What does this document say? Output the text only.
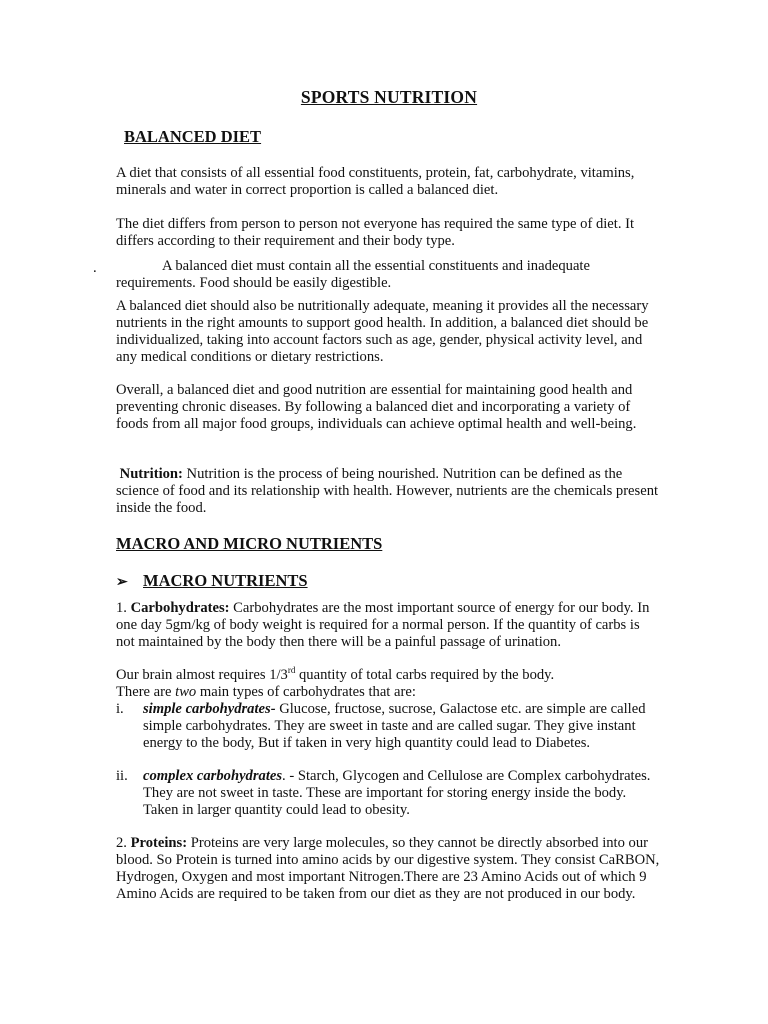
SPORTS NUTRITION
BALANCED DIET

A diet that consists of all essential food constituents, protein, fat, carbohydrate, vitamins, minerals and water in correct proportion is called a balanced diet.

The diet differs from person to person not everyone has required the same type of diet. It differs according to their requirement and their body type.

.	A balanced diet must contain all the essential constituents and inadequate requirements. Food should be easily digestible.

A balanced diet should also be nutritionally adequate, meaning it provides all the necessary nutrients in the right amounts to support good health. In addition, a balanced diet should be individualized, taking into account factors such as age, gender, physical activity level, and any medical conditions or dietary restrictions.

Overall, a balanced diet and good nutrition are essential for maintaining good health and preventing chronic diseases. By following a balanced diet and incorporating a variety of foods from all major food groups, individuals can achieve optimal health and well-being.

Nutrition: Nutrition is the process of being nourished. Nutrition can be defined as the science of food and its relationship with health. However, nutrients are the chemicals present inside the food.

MACRO AND MICRO NUTRIENTS
➢ MACRO NUTRIENTS

1. Carbohydrates: Carbohydrates are the most important source of energy for our body. In one day 5gm/kg of body weight is required for a normal person. If the quantity of carbs is not maintained by the body then there will be a painful passage of urination.

Our brain almost requires 1/3rd quantity of total carbs required by the body.

There are two main types of carbohydrates that are:

i. simple carbohydrates- Glucose, fructose, sucrose, Galactose etc. are simple are called simple carbohydrates. They are sweet in taste and are called sugar. They give instant energy to the body, But if taken in very high quantity could lead to Diabetes.
ii. complex carbohydrates. - Starch, Glycogen and Cellulose are Complex carbohydrates. They are not sweet in taste. These are important for storing energy inside the body. Taken in larger quantity could lead to obesity.

2. Proteins: Proteins are very large molecules, so they cannot be directly absorbed into our blood. So Protein is turned into amino acids by our digestive system. They consist CaRBON, Hydrogen, Oxygen and most important Nitrogen.There are 23 Amino Acids out of which 9 Amino Acids are required to be taken from our diet as they are not produced in our body.
